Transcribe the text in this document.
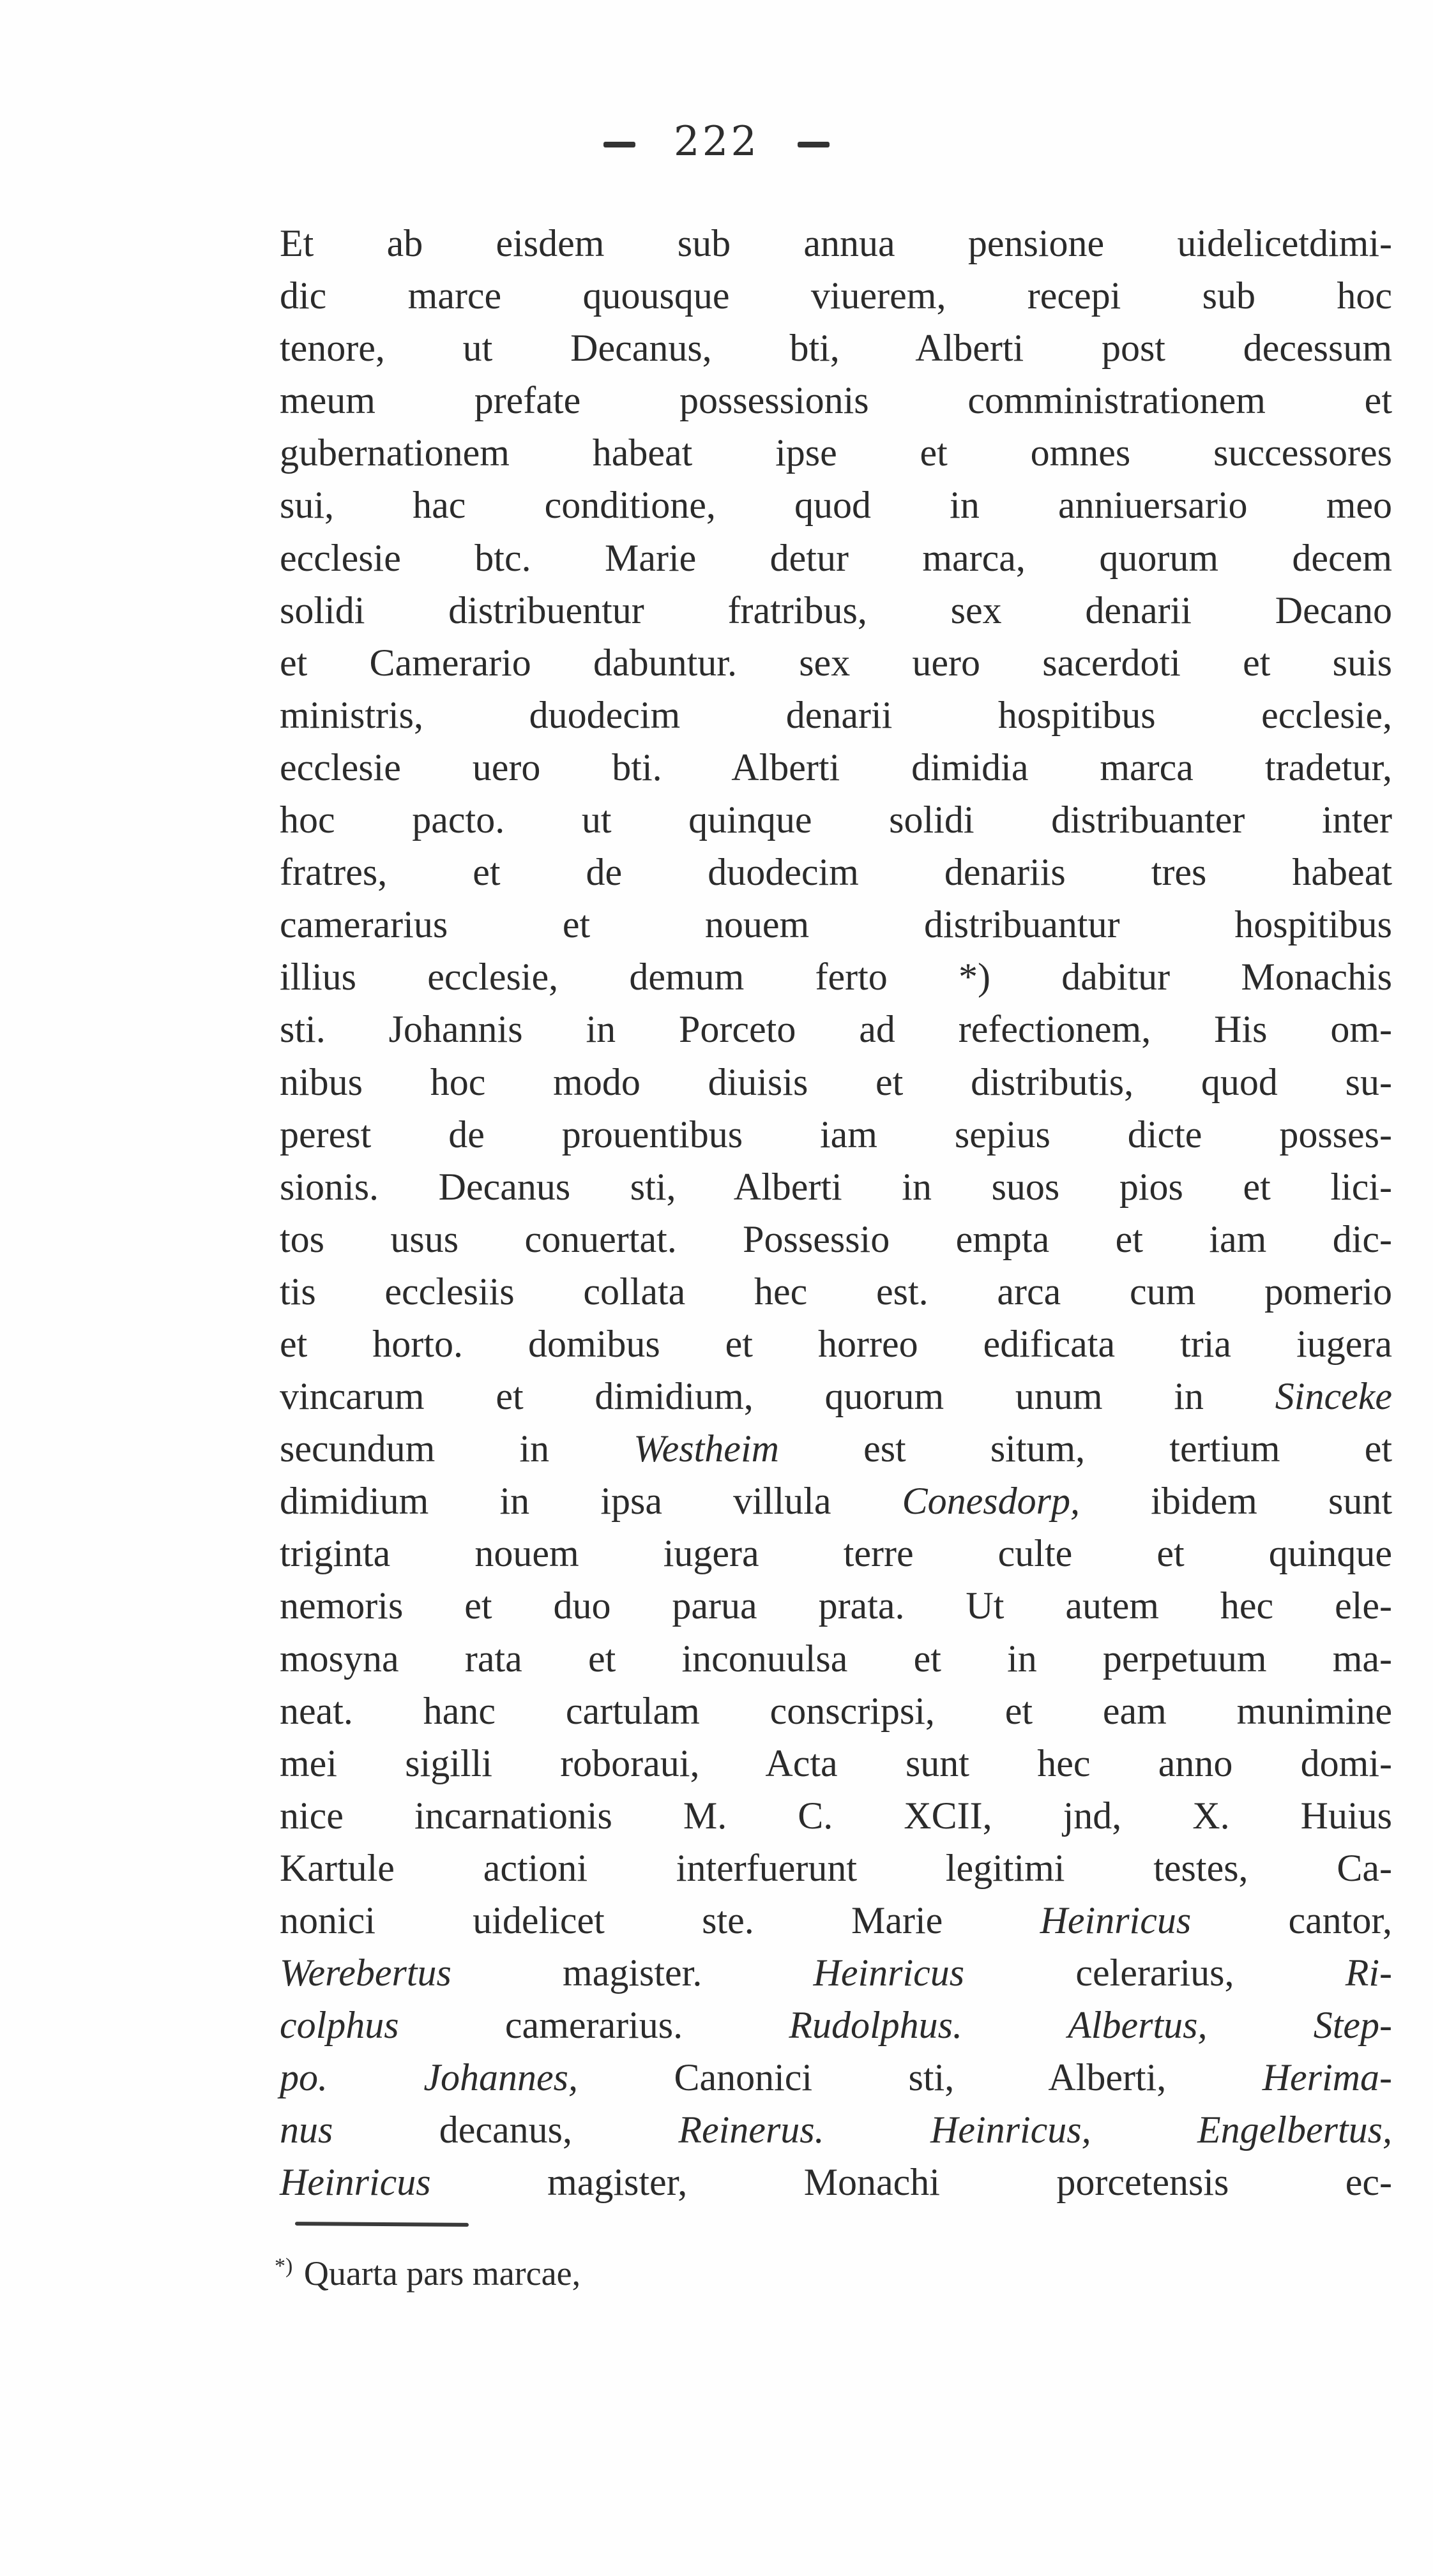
222
Et ab eisdem sub annua pensione uidelicetdimi-
dic marce quousque viuerem, recepi sub hoc
tenore, ut Decanus, bti, Alberti post decessum
meum prefate possessionis comministrationem et
gubernationem habeat ipse et omnes successores
sui, hac conditione, quod in anniuersario meo
ecclesie btc. Marie detur marca, quorum decem
solidi distribuentur fratribus, sex denarii Decano
et Camerario dabuntur. sex uero sacerdoti et suis
ministris, duodecim denarii hospitibus ecclesie,
ecclesie uero bti. Alberti dimidia marca tradetur,
hoc pacto. ut quinque solidi distribuanter inter
fratres, et de duodecim denariis tres habeat
camerarius et nouem distribuantur hospitibus
illius ecclesie, demum ferto *) dabitur Monachis
sti. Johannis in Porceto ad refectionem, His om-
nibus hoc modo diuisis et distributis, quod su-
perest de prouentibus iam sepius dicte posses-
sionis. Decanus sti, Alberti in suos pios et lici-
tos usus conuertat. Possessio empta et iam dic-
tis ecclesiis collata hec est. arca cum pomerio
et horto. domibus et horreo edificata tria iugera
vincarum et dimidium, quorum unum in Sinceke
secundum in Westheim est situm, tertium et
dimidium in ipsa villula Conesdorp, ibidem sunt
triginta nouem iugera terre culte et quinque
nemoris et duo parua prata. Ut autem hec ele-
mosyna rata et inconuulsa et in perpetuum ma-
neat. hanc cartulam conscripsi, et eam munimine
mei sigilli roboraui, Acta sunt hec anno domi-
nice incarnationis M. C. XCII, jnd, X. Huius
Kartule actioni interfuerunt legitimi testes, Ca-
nonici uidelicet ste. Marie Heinricus cantor,
Werebertus magister. Heinricus celerarius, Ri-
colphus camerarius. Rudolphus. Albertus, Step-
po. Johannes, Canonici sti, Alberti, Herima-
nus decanus, Reinerus. Heinricus, Engelbertus,
Heinricus magister, Monachi porcetensis ec-
*) Quarta pars marcae,
